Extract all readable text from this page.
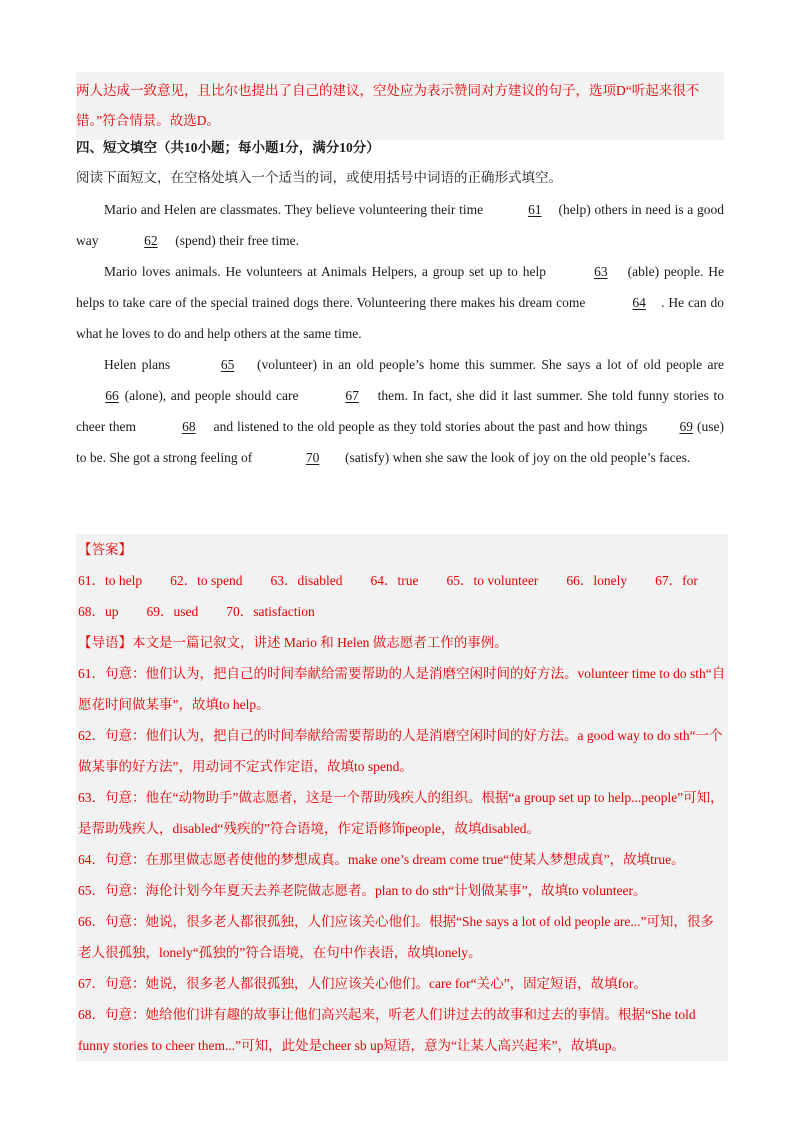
两人达成一致意见，且比尔也提出了自己的建议，空处应为表示赞同对方建议的句子，选项D“听起来很不错。”符合情景。故选D。
四、短文填空（共10小题；每小题1分，满分10分）
阅读下面短文，在空格处填入一个适当的词，或使用括号中词语的正确形式填空。

Mario and Helen are classmates. They believe volunteering their time	61 (help) others in need is a good way	62 (spend) their free time.

Mario loves animals. He volunteers at Animals Helpers, a group set up to help	63 (able) people. He helps to take care of the special trained dogs there. Volunteering there makes his dream come	64 . He can do what he loves to do and help others at the same time.

Helen plans	65 (volunteer) in an old people’s home this summer. She says a lot of old people are 66 (alone), and people should care	67 them. In fact, she did it last summer. She told funny stories to cheer them	68 and listened to the old people as they told stories about the past and how things 69 (use) to be. She got a strong feeling of	70 (satisfy) when she saw the look of joy on the old people’s faces.

【答案】

61．to help 62．to spend 63．disabled 64．true 65．to volunteer 66．lonely 67．for
68．up 69．used 70．satisfaction

【导语】本文是一篇记叙文，讲述 Mario 和 Helen 做志愿者工作的事例。

61．句意：他们认为，把自己的时间奉献给需要帮助的人是消磨空闲时间的好方法。volunteer time to do sth“自愿花时间做某事”，故填to help。

62．句意：他们认为，把自己的时间奉献给需要帮助的人是消磨空闲时间的好方法。a good way to do sth“一个做某事的好方法”，用动词不定式作定语，故填to spend。

63．句意：他在“动物助手”做志愿者，这是一个帮助残疾人的组织。根据“a group set up to help...people”可知，是帮助残疾人，disabled“残疾的”符合语境，作定语修饰people，故填disabled。

64．句意：在那里做志愿者使他的梦想成真。make one’s dream come true“使某人梦想成真”，故填true。

65．句意：海伦计划今年夏天去养老院做志愿者。plan to do sth“计划做某事”，故填to volunteer。

66．句意：她说，很多老人都很孤独，人们应该关心他们。根据“She says a lot of old people are...”可知，很多老人很孤独，lonely“孤独的”符合语境，在句中作表语，故填lonely。

67．句意：她说，很多老人都很孤独，人们应该关心他们。care for“关心”，固定短语，故填for。

68．句意：她给他们讲有趣的故事让他们高兴起来，听老人们讲过去的故事和过去的事情。根据“She told funny stories to cheer them...”可知，此处是cheer sb up短语，意为“让某人高兴起来”，故填up。
